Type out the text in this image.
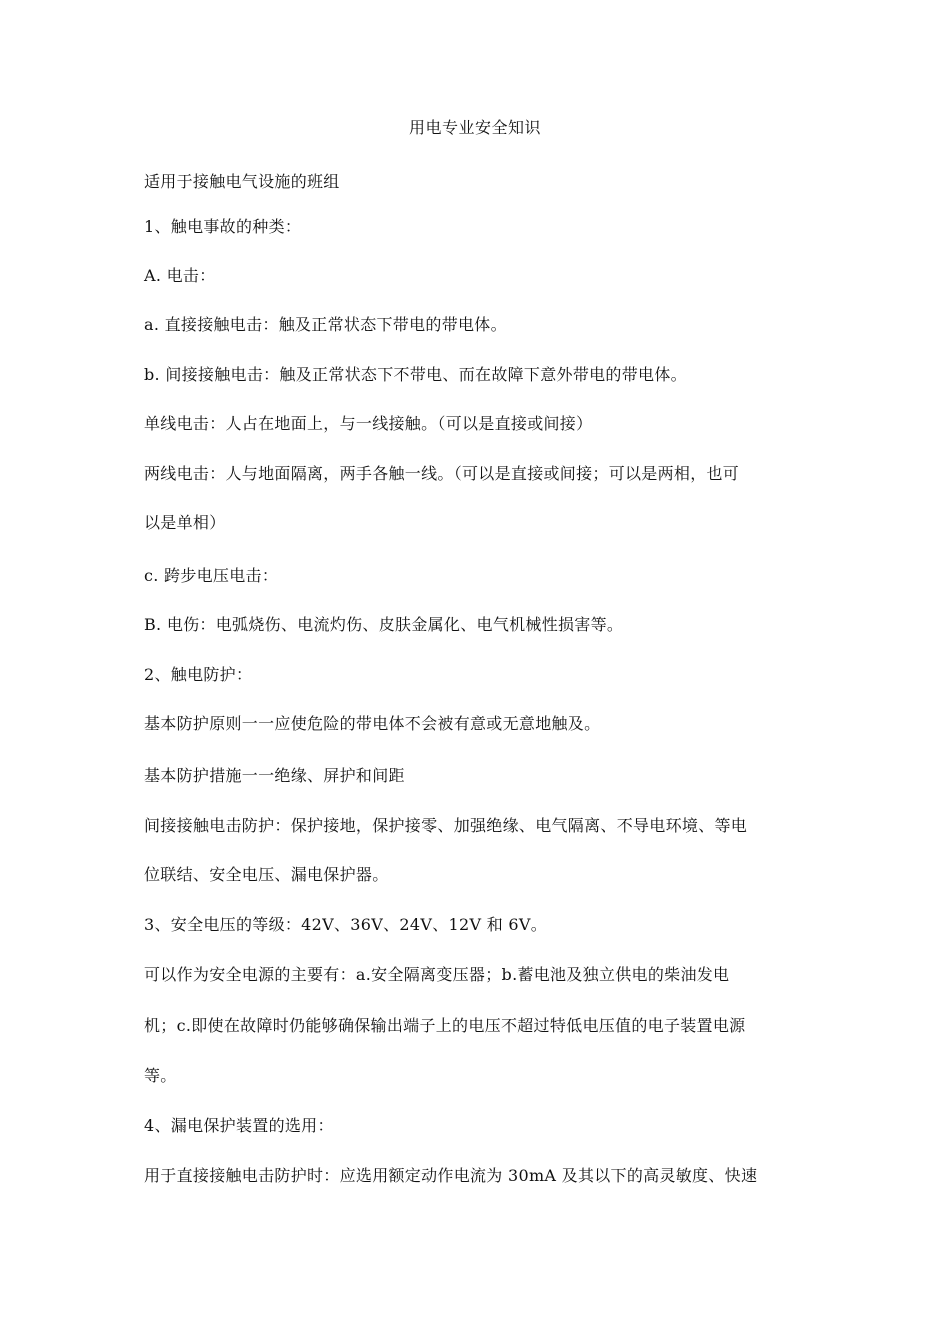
用电专业安全知识
适用于接触电气设施的班组
1、触电事故的种类：
A. 电击：
a. 直接接触电击：触及正常状态下带电的带电体。
b. 间接接触电击：触及正常状态下不带电、而在故障下意外带电的带电体。
单线电击：人占在地面上，与一线接触。（可以是直接或间接）
两线电击：人与地面隔离，两手各触一线。（可以是直接或间接；可以是两相，也可
以是单相）
c. 跨步电压电击：
B. 电伤：电弧烧伤、电流灼伤、皮肤金属化、电气机械性损害等。
2、触电防护：
基本防护原则一一应使危险的带电体不会被有意或无意地触及。
基本防护措施一一绝缘、屏护和间距
间接接触电击防护：保护接地，保护接零、加强绝缘、电气隔离、不导电环境、等电
位联结、安全电压、漏电保护器。
3、安全电压的等级：42V、36V、24V、12V 和 6V。
可以作为安全电源的主要有：a.安全隔离变压器；b.蓄电池及独立供电的柴油发电
机；c.即使在故障时仍能够确保输出端子上的电压不超过特低电压值的电子装置电源
等。
4、漏电保护装置的选用：
用于直接接触电击防护时：应选用额定动作电流为 30mA 及其以下的高灵敏度、快速
